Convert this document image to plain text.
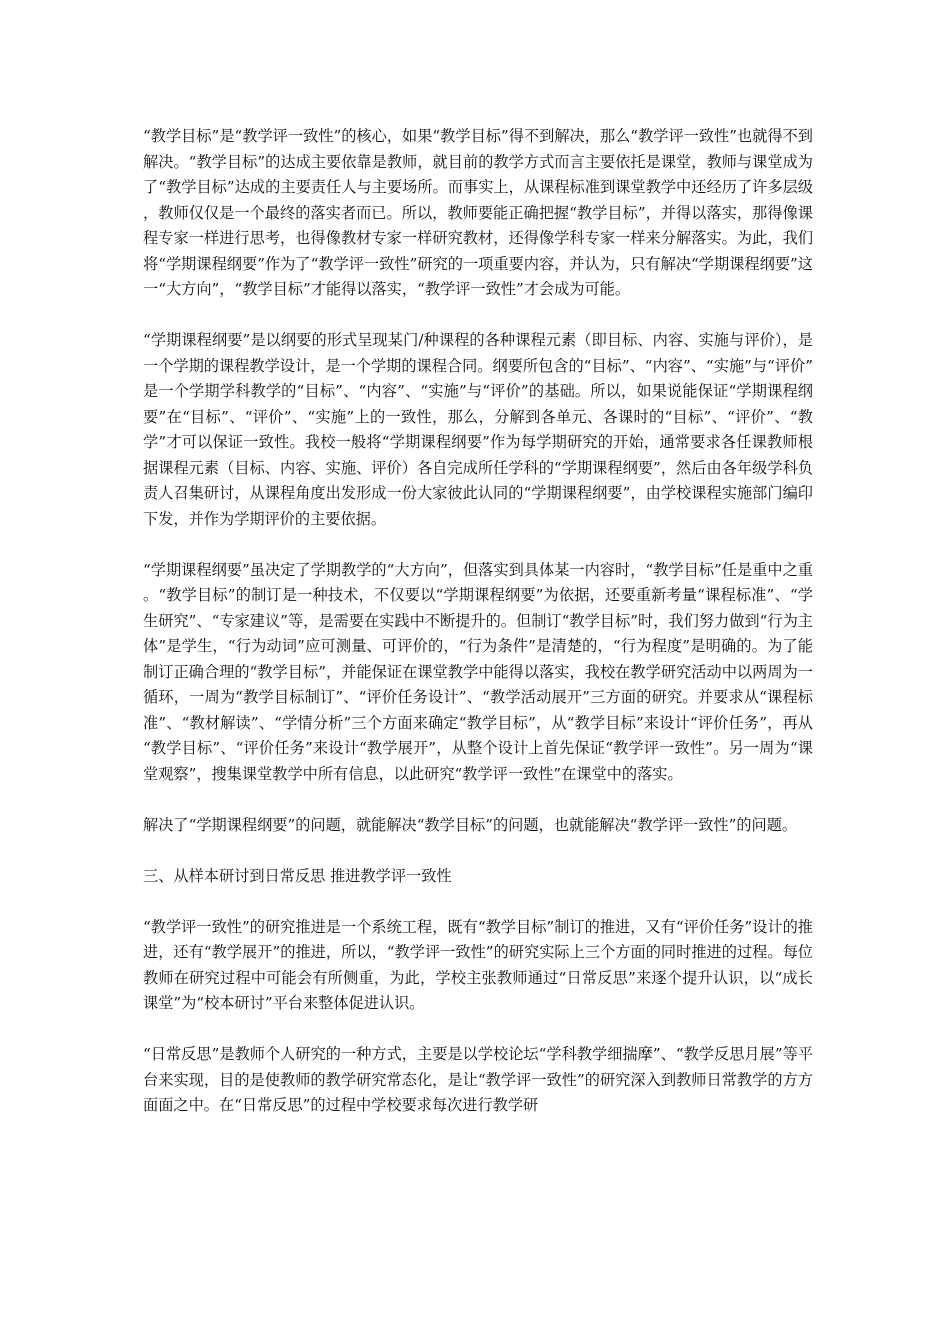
“教学目标”是“教学评一致性”的核心，如果“教学目标”得不到解决，那么“教学评一致性”也就得不到解决。“教学目标”的达成主要依靠是教师，就目前的教学方式而言主要依托是课堂，教师与课堂成为了“教学目标”达成的主要责任人与主要场所。而事实上，从课程标准到课堂教学中还经历了许多层级，教师仅仅是一个最终的落实者而已。所以，教师要能正确把握“教学目标”，并得以落实，那得像课程专家一样进行思考，也得像教材专家一样研究教材，还得像学科专家一样来分解落实。为此，我们将“学期课程纲要”作为了“教学评一致性”研究的一项重要内容，并认为，只有解决“学期课程纲要”这一“大方向”，“教学目标”才能得以落实，“教学评一致性”才会成为可能。

“学期课程纲要”是以纲要的形式呈现某门/种课程的各种课程元素（即目标、内容、实施与评价），是一个学期的课程教学设计，是一个学期的课程合同。纲要所包含的“目标”、“内容”、“实施”与“评价”是一个学期学科教学的“目标”、“内容”、“实施”与“评价”的基础。所以，如果说能保证“学期课程纲要”在“目标”、“评价”、“实施”上的一致性，那么，分解到各单元、各课时的“目标”、“评价”、“教学”才可以保证一致性。我校一般将“学期课程纲要”作为每学期研究的开始，通常要求各任课教师根据课程元素（目标、内容、实施、评价）各自完成所任学科的“学期课程纲要”，然后由各年级学科负责人召集研讨，从课程角度出发形成一份大家彼此认同的“学期课程纲要”，由学校课程实施部门编印下发，并作为学期评价的主要依据。

“学期课程纲要”虽决定了学期教学的“大方向”，但落实到具体某一内容时，“教学目标”任是重中之重。“教学目标”的制订是一种技术，不仅要以“学期课程纲要”为依据，还要重新考量“课程标准”、“学生研究”、“专家建议”等，是需要在实践中不断提升的。但制订“教学目标”时，我们努力做到“行为主体”是学生，“行为动词”应可测量、可评价的，“行为条件”是清楚的，“行为程度”是明确的。为了能制订正确合理的“教学目标”，并能保证在课堂教学中能得以落实，我校在教学研究活动中以两周为一循环，一周为“教学目标制订”、“评价任务设计”、“教学活动展开”三方面的研究。并要求从“课程标准”、“教材解读”、“学情分析”三个方面来确定“教学目标”，从“教学目标”来设计“评价任务”，再从“教学目标”、“评价任务”来设计“教学展开”，从整个设计上首先保证“教学评一致性”。另一周为“课堂观察”，搜集课堂教学中所有信息，以此研究“教学评一致性”在课堂中的落实。

解决了“学期课程纲要”的问题，就能解决“教学目标”的问题，也就能解决“教学评一致性”的问题。

三、从样本研讨到日常反思 推进教学评一致性

“教学评一致性”的研究推进是一个系统工程，既有“教学目标”制订的推进，又有“评价任务”设计的推进，还有“教学展开”的推进，所以，“教学评一致性”的研究实际上三个方面的同时推进的过程。每位教师在研究过程中可能会有所侧重，为此，学校主张教师通过“日常反思”来逐个提升认识，以“成长课堂”为“校本研讨”平台来整体促进认识。

“日常反思”是教师个人研究的一种方式，主要是以学校论坛“学科教学细揣摩”、“教学反思月展”等平台来实现，目的是使教师的教学研究常态化，是让“教学评一致性”的研究深入到教师日常教学的方方面面之中。在“日常反思”的过程中学校要求每次进行教学研
